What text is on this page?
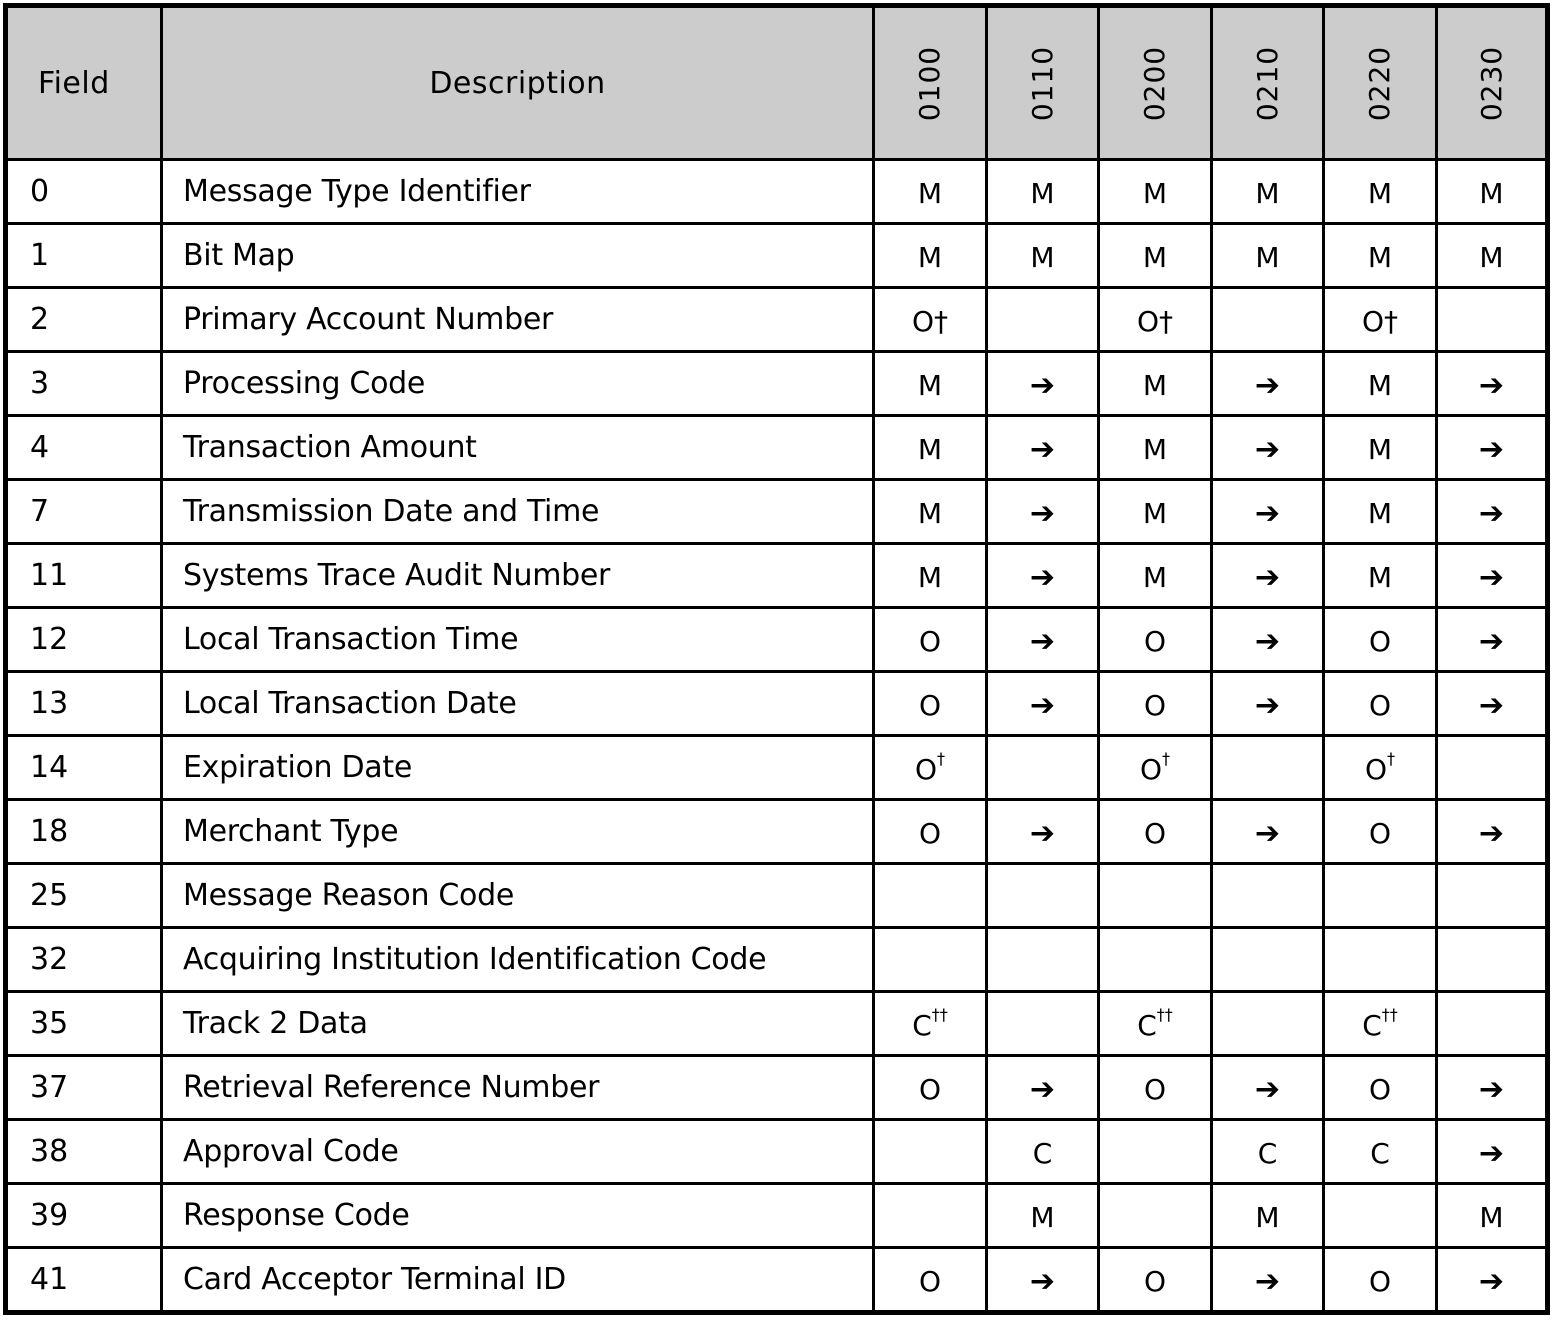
Field	Description	0100	0110	0200	0210	0220	0230
0	Message Type Identifier	M	M	M	M	M	M
1	Bit Map	M	M	M	M	M	M
2	Primary Account Number	O†		O†		O†	
3	Processing Code	M	➔	M	➔	M	➔
4	Transaction Amount	M	➔	M	➔	M	➔
7	Transmission Date and Time	M	➔	M	➔	M	➔
11	Systems Trace Audit Number	M	➔	M	➔	M	➔
12	Local Transaction Time	O	➔	O	➔	O	➔
13	Local Transaction Date	O	➔	O	➔	O	➔
14	Expiration Date	O†		O†		O†	
18	Merchant Type	O	➔	O	➔	O	➔
25	Message Reason Code						
32	Acquiring Institution Identification Code						
35	Track 2 Data	C††		C††		C††	
37	Retrieval Reference Number	O	➔	O	➔	O	➔
38	Approval Code		C		C	C	➔
39	Response Code		M		M		M
41	Card Acceptor Terminal ID	O	➔	O	➔	O	➔
